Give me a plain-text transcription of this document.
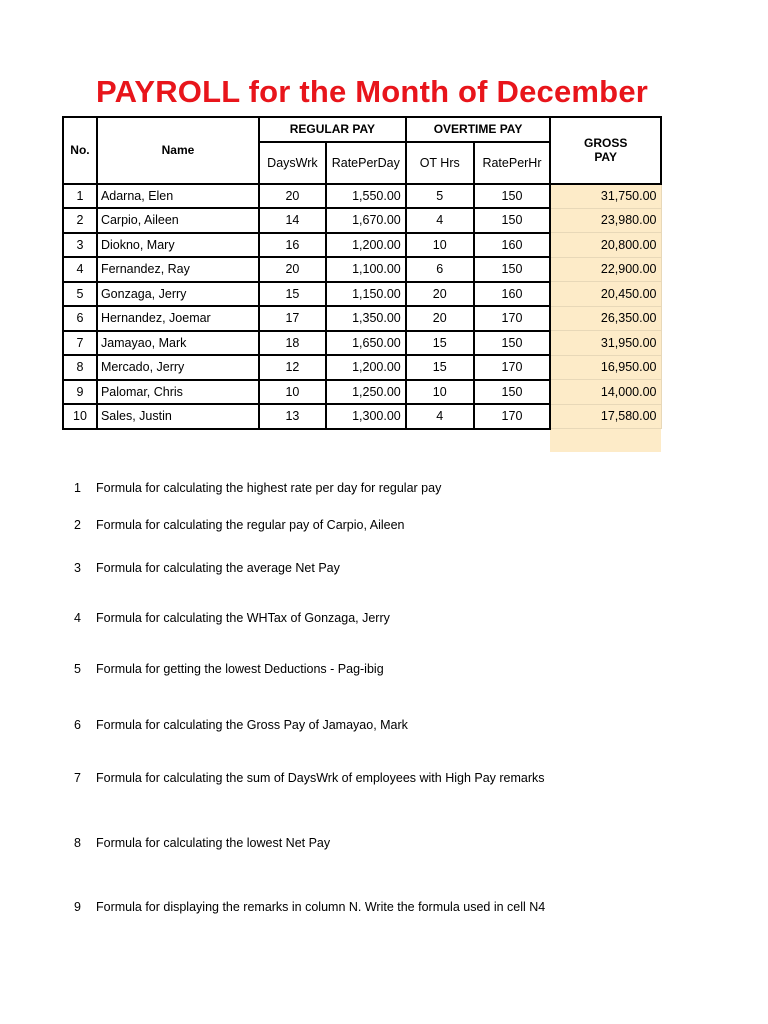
PAYROLL for the Month of December
No.	Name	REGULAR PAY		OVERTIME PAY		GROSS PAY

		DaysWrk	RatePerDay	OT Hrs	RatePerHr	
1	Adarna, Elen	20	1,550.00	5	150	31,750.00
2	Carpio, Aileen	14	1,670.00	4	150	23,980.00
3	Diokno, Mary	16	1,200.00	10	160	20,800.00
4	Fernandez, Ray	20	1,100.00	6	150	22,900.00
5	Gonzaga, Jerry	15	1,150.00	20	160	20,450.00
6	Hernandez, Joemar	17	1,350.00	20	170	26,350.00
7	Jamayao, Mark	18	1,650.00	15	150	31,950.00
8	Mercado, Jerry	12	1,200.00	15	170	16,950.00
9	Palomar, Chris	10	1,250.00	10	150	14,000.00
10	Sales, Justin	13	1,300.00	4	170	17,580.00

1	Formula for calculating the highest rate per day for regular pay
2	Formula for calculating the regular pay of Carpio, Aileen
3	Formula for calculating the average Net Pay
4	Formula for calculating the WHTax of Gonzaga, Jerry
5	Formula for getting the lowest Deductions - Pag-ibig
6	Formula for calculating the Gross Pay of Jamayao, Mark
7	Formula for calculating the sum of DaysWrk of employees with High Pay remarks
8	Formula for calculating the lowest Net Pay
9	Formula for displaying the remarks in column N. Write the formula used in cell N4
